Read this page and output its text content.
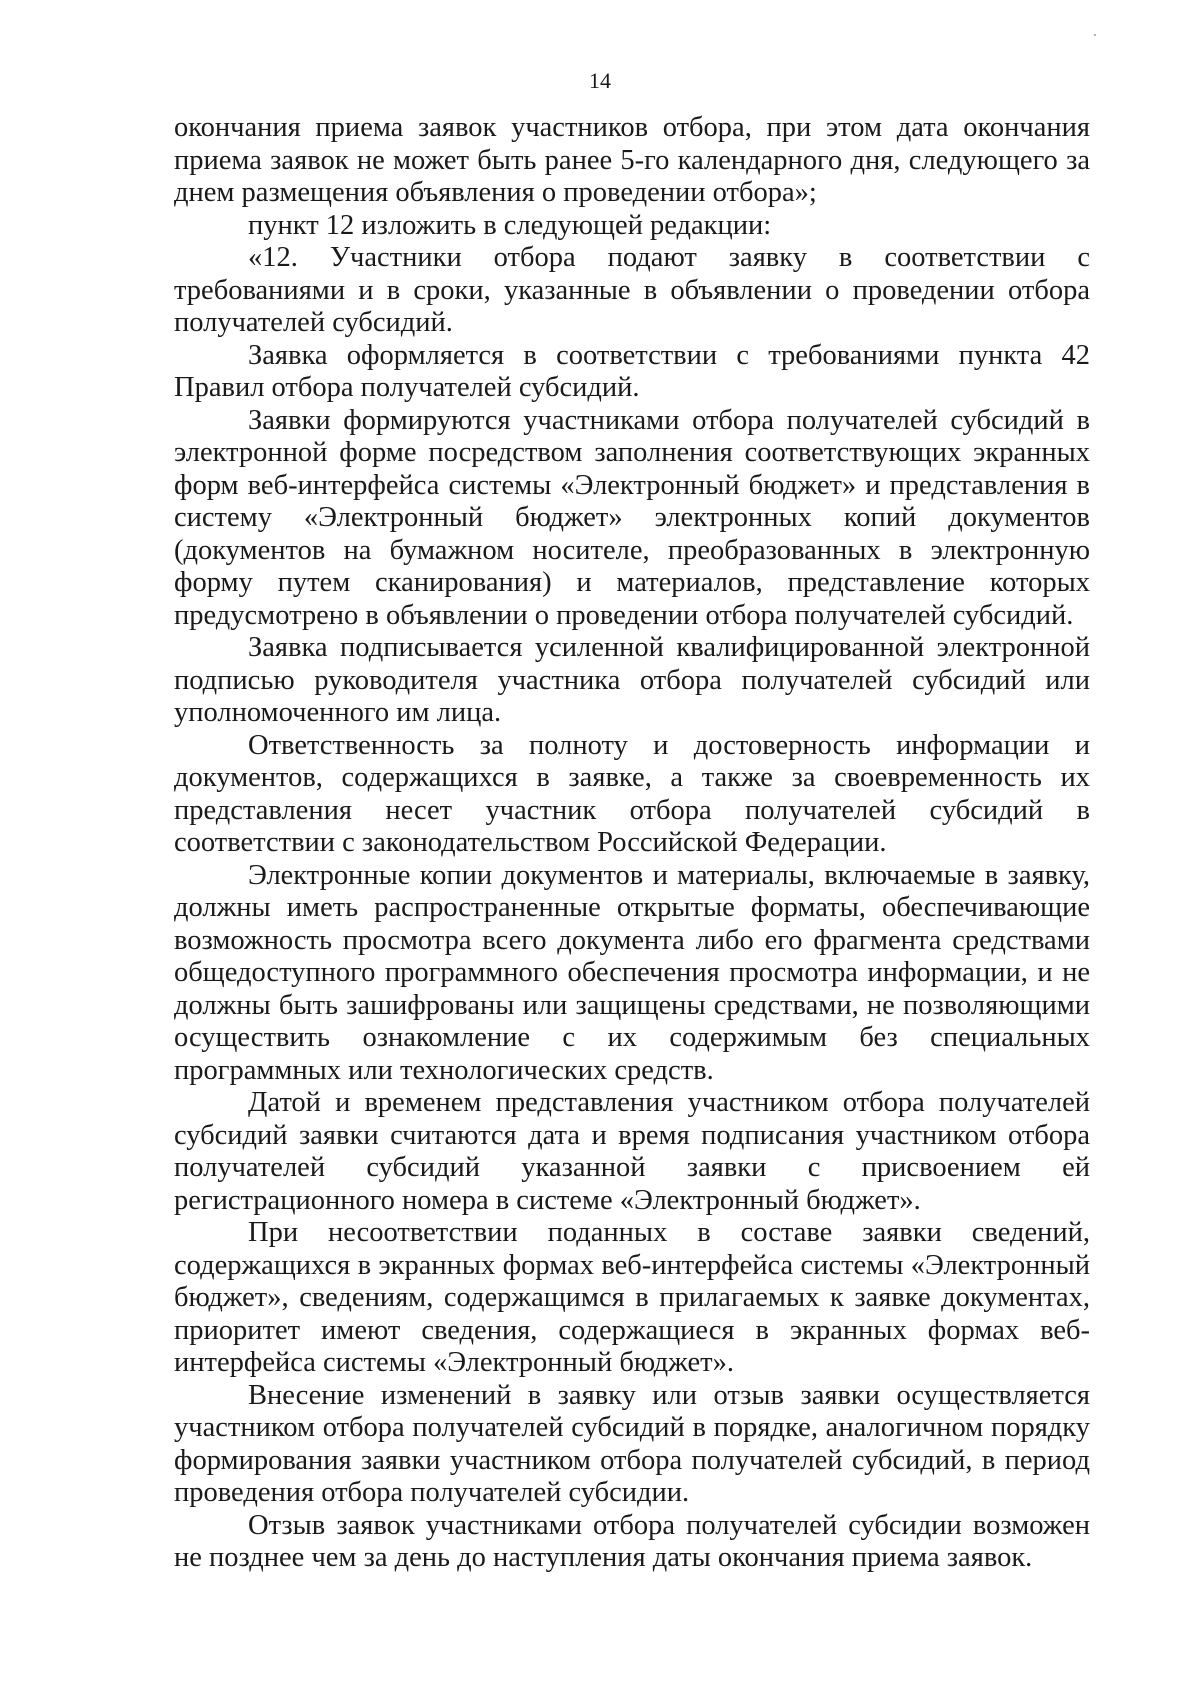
14

окончания приема заявок участников отбора, при этом дата окончания приема заявок не может быть ранее 5-го календарного дня, следующего за днем размещения объявления о проведении отбора»;

пункт 12 изложить в следующей редакции:

«12. Участники отбора подают заявку в соответствии с требованиями и в сроки, указанные в объявлении о проведении отбора получателей субсидий.

Заявка оформляется в соответствии с требованиями пункта 42 Правил отбора получателей субсидий.

Заявки формируются участниками отбора получателей субсидий в электронной форме посредством заполнения соответствующих экранных форм веб-интерфейса системы «Электронный бюджет» и представления в систему «Электронный бюджет» электронных копий документов (документов на бумажном носителе, преобразованных в электронную форму путем сканирования) и материалов, представление которых предусмотрено в объявлении о проведении отбора получателей субсидий.

Заявка подписывается усиленной квалифицированной электронной подписью руководителя участника отбора получателей субсидий или уполномоченного им лица.

Ответственность за полноту и достоверность информации и документов, содержащихся в заявке, а также за своевременность их представления несет участник отбора получателей субсидий в соответствии с законодательством Российской Федерации.

Электронные копии документов и материалы, включаемые в заявку, должны иметь распространенные открытые форматы, обеспечивающие возможность просмотра всего документа либо его фрагмента средствами общедоступного программного обеспечения просмотра информации, и не должны быть зашифрованы или защищены средствами, не позволяющими осуществить ознакомление с их содержимым без специальных программных или технологических средств.

Датой и временем представления участником отбора получателей субсидий заявки считаются дата и время подписания участником отбора получателей субсидий указанной заявки с присвоением ей регистрационного номера в системе «Электронный бюджет».

При несоответствии поданных в составе заявки сведений, содержащихся в экранных формах веб-интерфейса системы «Электронный бюджет», сведениям, содержащимся в прилагаемых к заявке документах, приоритет имеют сведения, содержащиеся в экранных формах веб-интерфейса системы «Электронный бюджет».

Внесение изменений в заявку или отзыв заявки осуществляется участником отбора получателей субсидий в порядке, аналогичном порядку формирования заявки участником отбора получателей субсидий, в период проведения отбора получателей субсидии.

Отзыв заявок участниками отбора получателей субсидии возможен не позднее чем за день до наступления даты окончания приема заявок.
